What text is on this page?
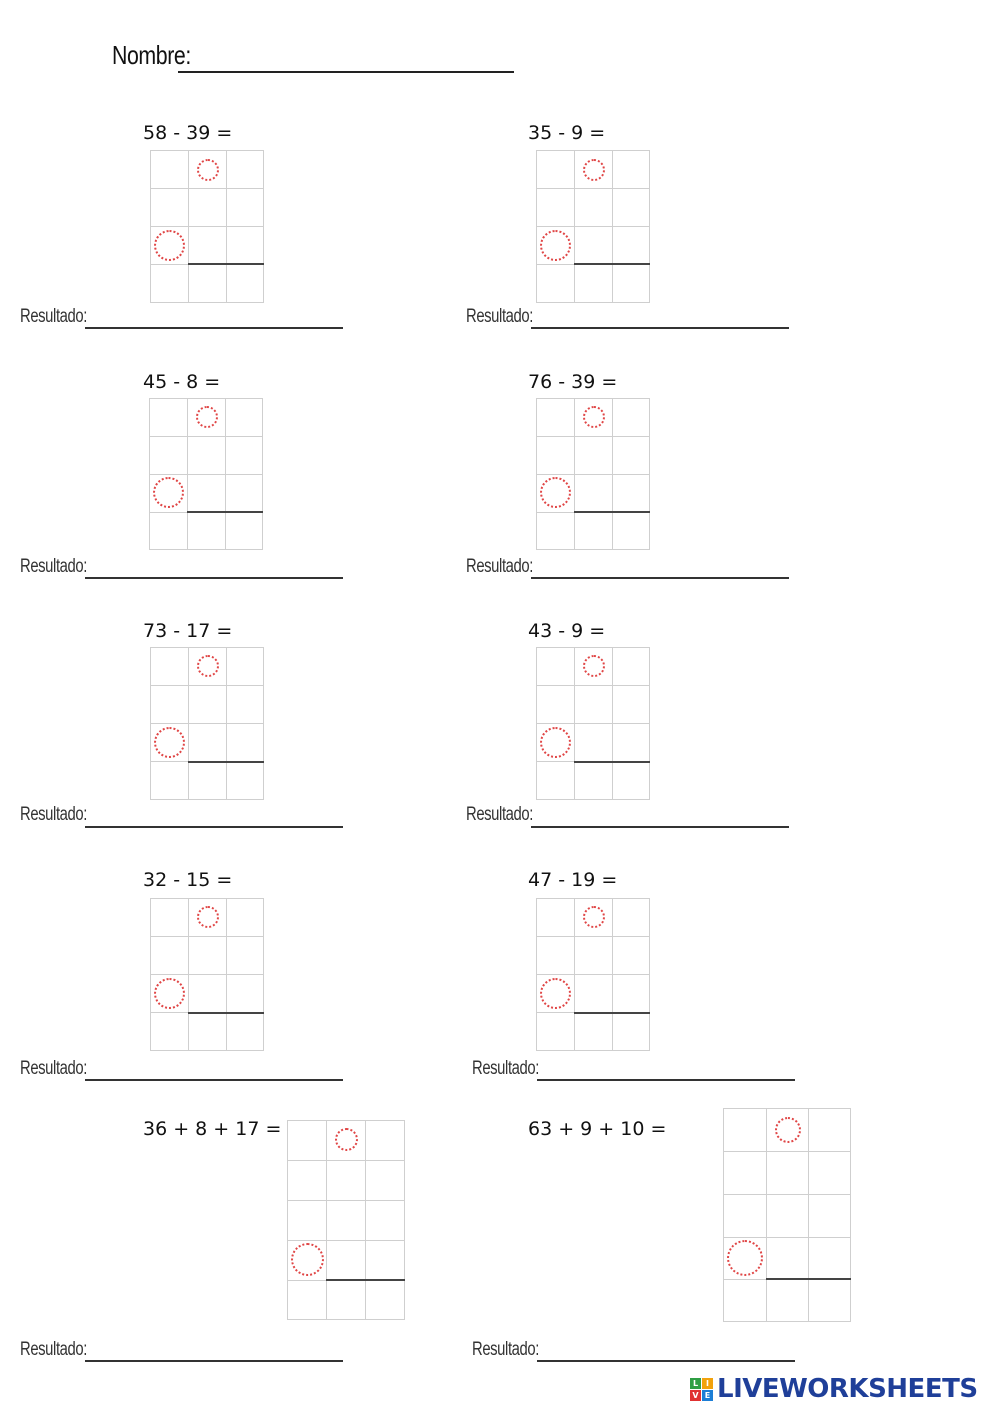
Nombre:
58 - 39 =
Resultado:
35 - 9 =
Resultado:
45 - 8 =
Resultado:
76 - 39 =
Resultado:
73 - 17 =
Resultado:
43 - 9 =
Resultado:
32 - 15 =
Resultado:
47 - 19 =
Resultado:
36 + 8 + 17 =
Resultado:
63 + 9 + 10 =
Resultado:
L I
V E LIVEWORKSHEETS
